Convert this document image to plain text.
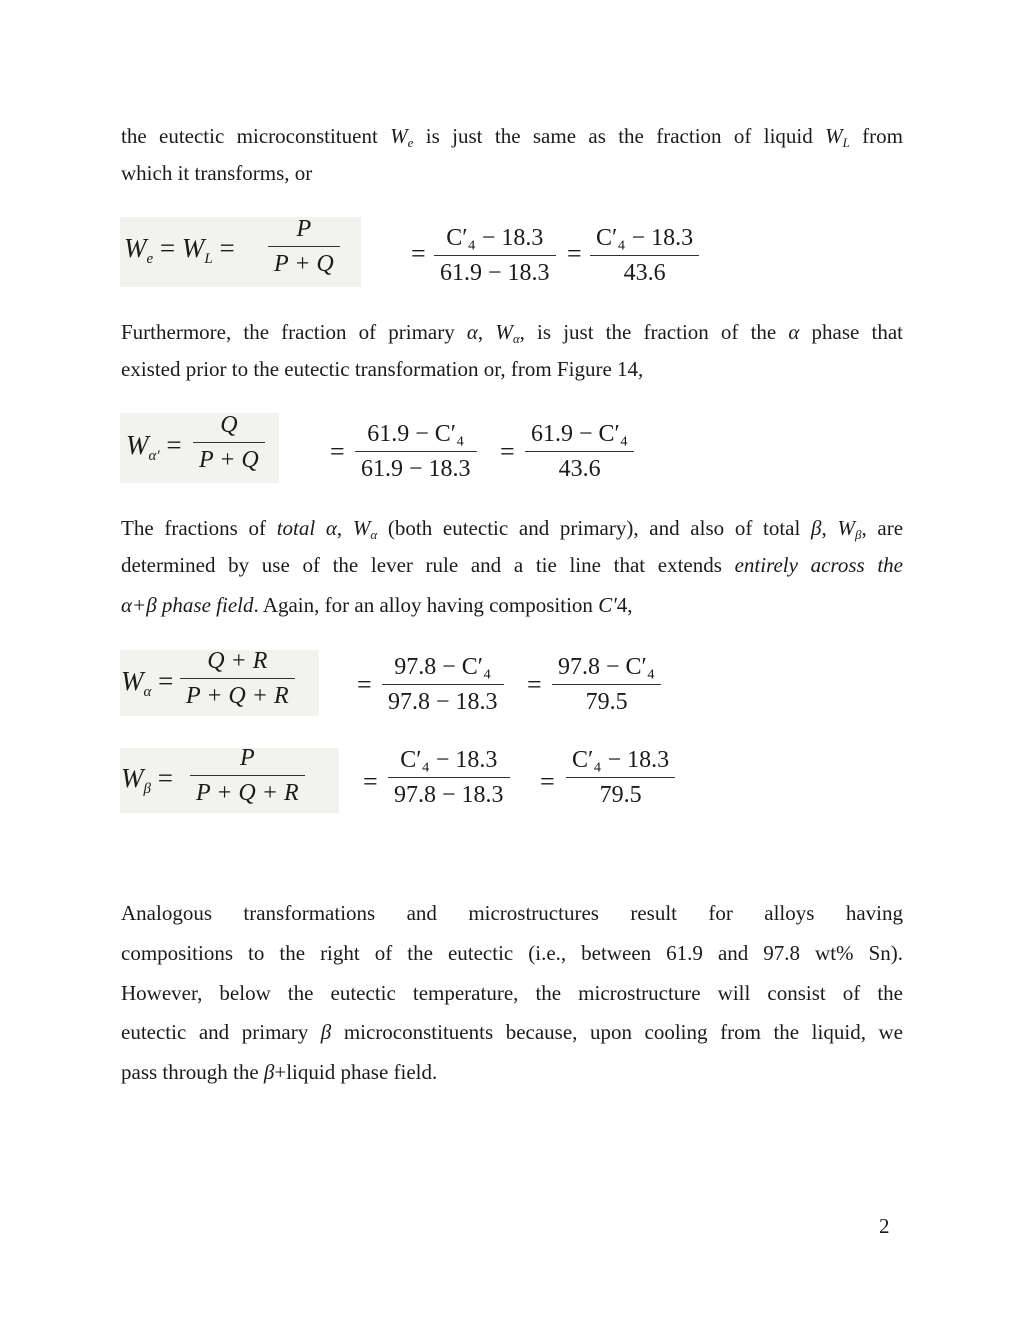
the eutectic microconstituent $W_e$ is just the same as the fraction of liquid $W_L$ from

which it transforms, or

$W_e = W_L$ =
P
P + Q	=
C′₄ − 18.3
61.9 − 18.3
=
C′₄ − 18.3
43.6

Furthermore, the fraction of primary α, $W_\alpha$, is just the fraction of the α phase that

existed prior to the eutectic transformation or, from Figure 14,

$W_{\alpha'}$ =
Q
P + Q	=
61.9 − C′₄
61.9 − 18.3
=
61.9 − C′₄
43.6

The fractions of total α, $W_\alpha$ (both eutectic and primary), and also of total β, $W_\beta$, are

determined by use of the lever rule and a tie line that extends entirely across the

α+β phase field. Again, for an alloy having composition C′4,

$W_\alpha$ =
Q + R
P + Q + R	=
97.8 − C′₄
97.8 − 18.3
=
97.8 − C′₄
79.5
$W_\beta$ =
P
P + Q + R =
C′₄ − 18.3
97.8 − 18.3 =
C′₄ − 18.3
79.5

Analogous transformations and microstructures result for alloys having

compositions to the right of the eutectic (i.e., between 61.9 and 97.8 wt% Sn).

However, below the eutectic temperature, the microstructure will consist of the

eutectic and primary β microconstituents because, upon cooling from the liquid, we

pass through the β+liquid phase field.

2
